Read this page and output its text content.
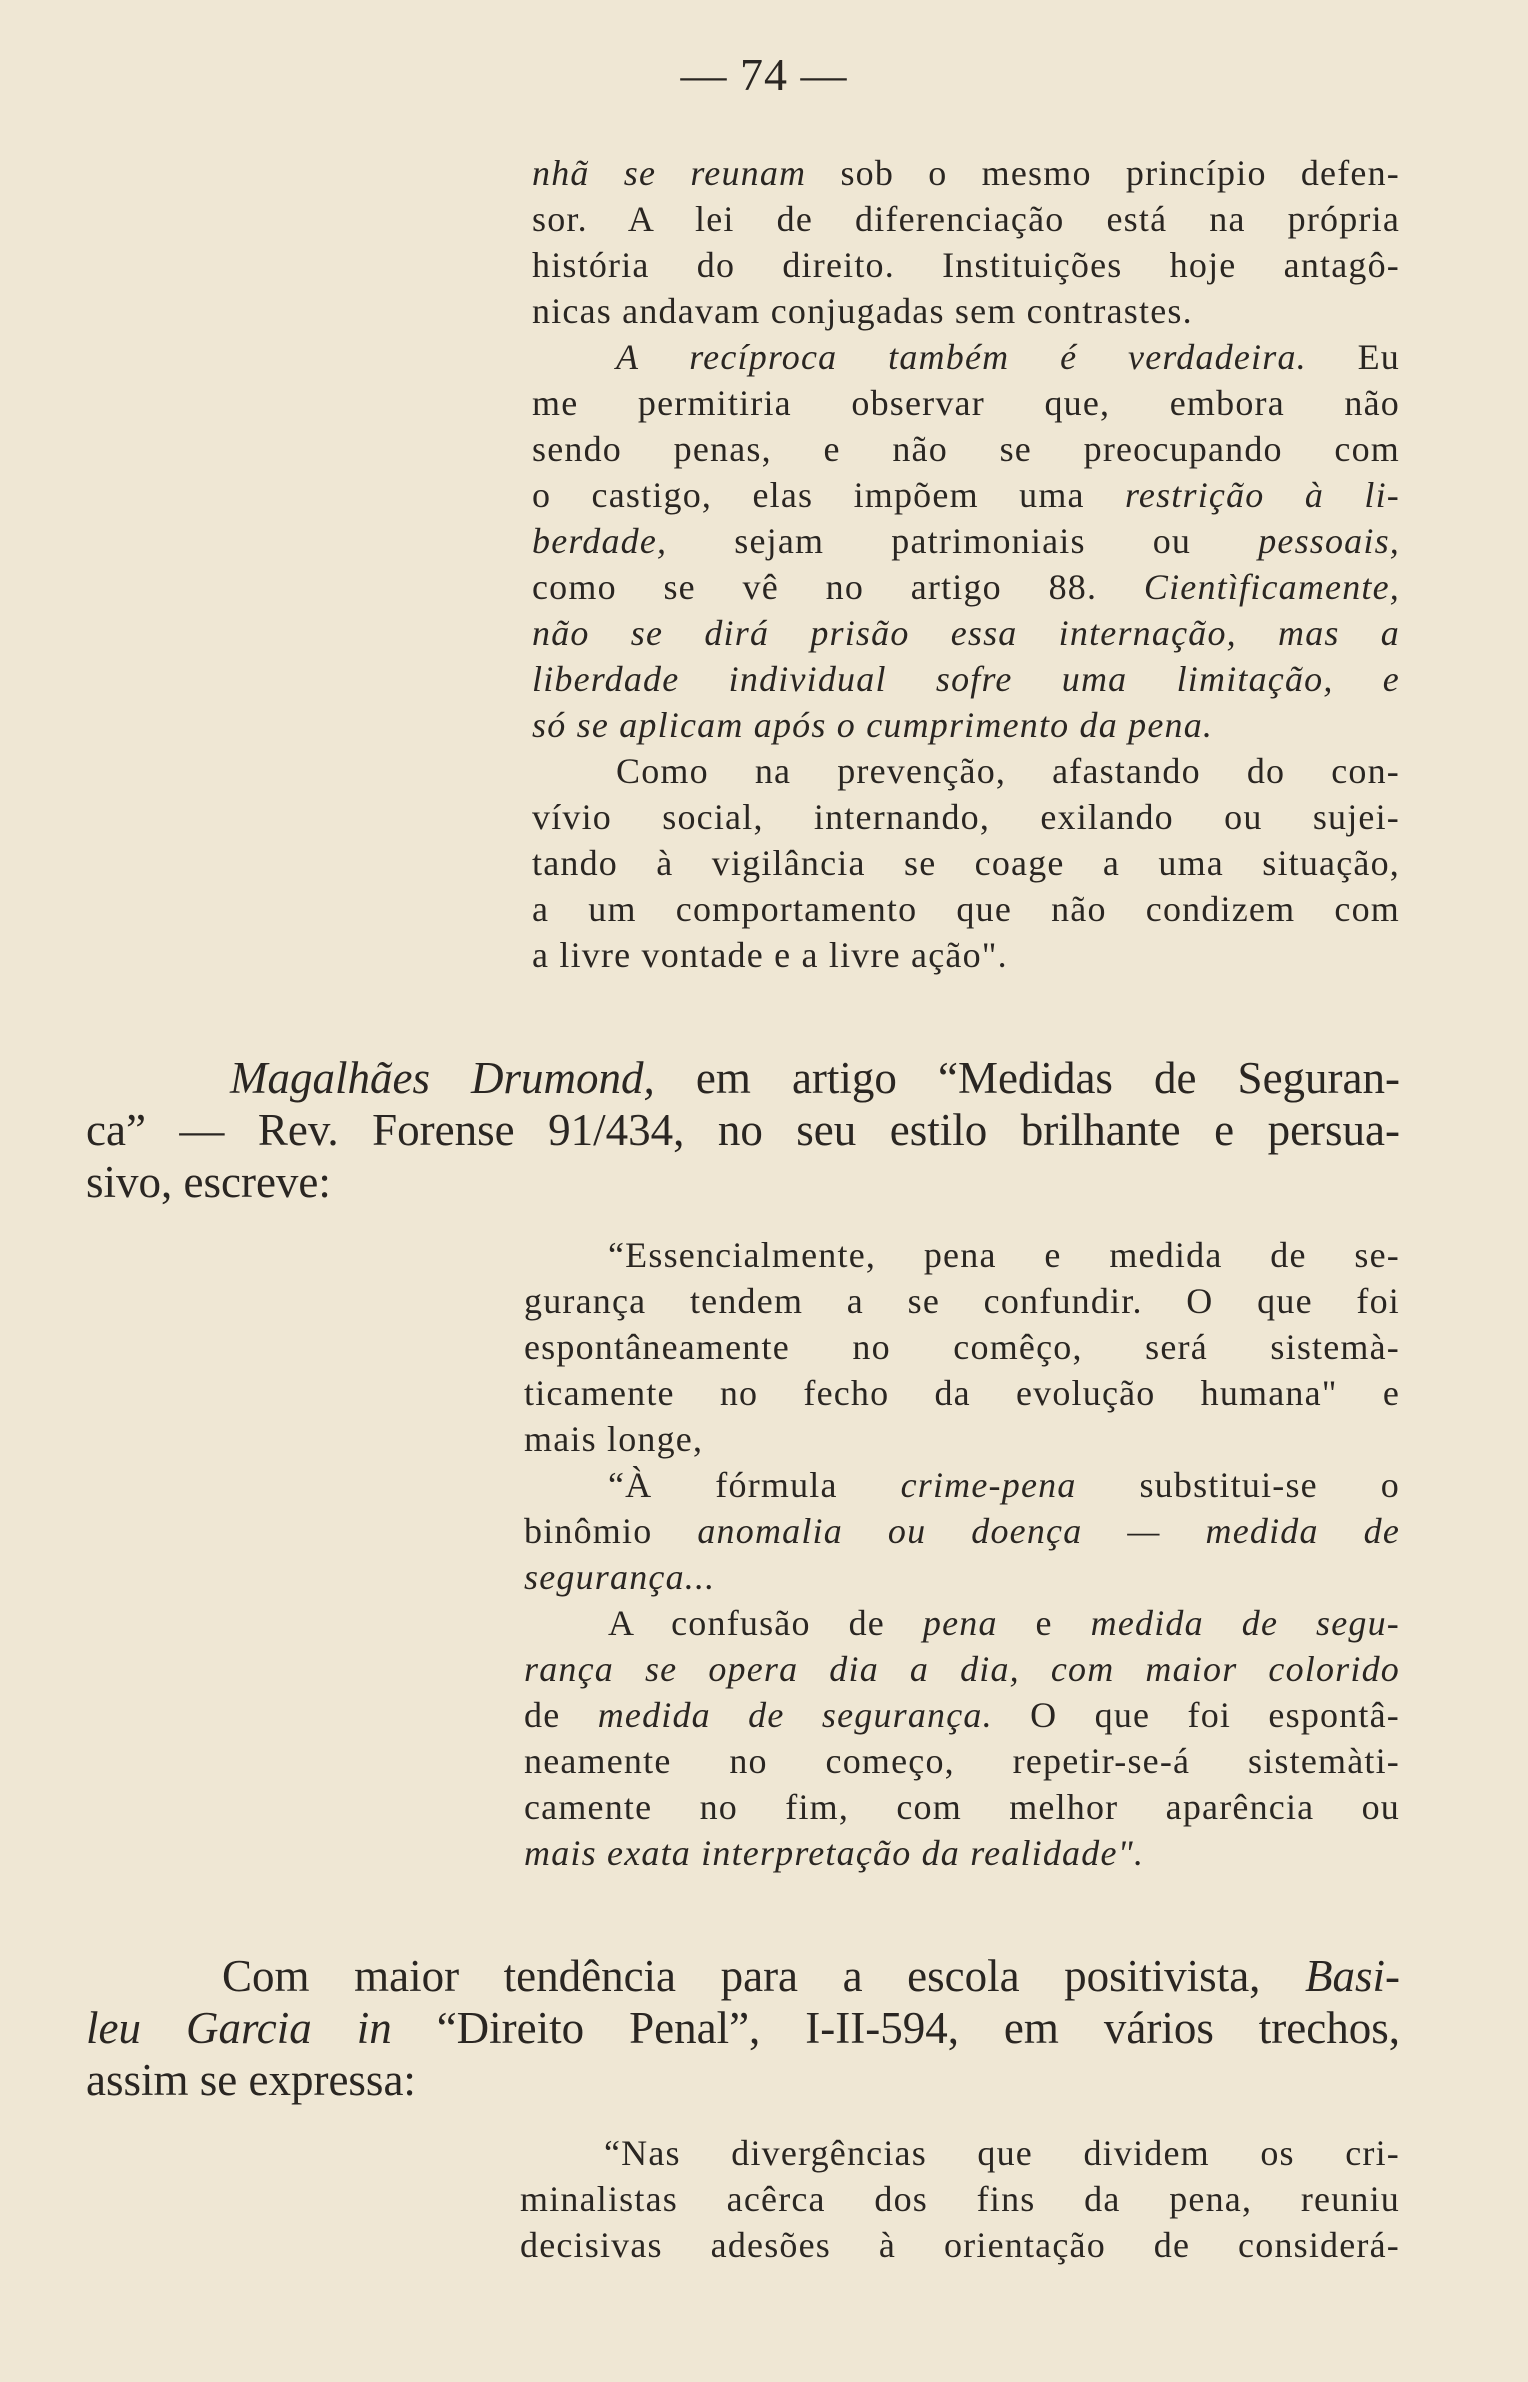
— 74 —
nhã se reunam sob o mesmo princípio defen-
sor. A lei de diferenciação está na própria
história do direito. Instituições hoje antagô-
nicas andavam conjugadas sem contrastes.
A recíproca também é verdadeira. Eu
me permitiria observar que, embora não
sendo penas, e não se preocupando com
o castigo, elas impõem uma restrição à li-
berdade, sejam patrimoniais ou pessoais,
como se vê no artigo 88. Cientìficamente,
não se dirá prisão essa internação, mas a
liberdade individual sofre uma limitação, e
só se aplicam após o cumprimento da pena.
Como na prevenção, afastando do con-
vívio social, internando, exilando ou sujei-
tando à vigilância se coage a uma situação,
a um comportamento que não condizem com
a livre vontade e a livre ação".
Magalhães Drumond, em artigo “Medidas de Seguran-
ca” — Rev. Forense 91/434, no seu estilo brilhante e persua-
sivo, escreve:
“Essencialmente, pena e medida de se-
gurança tendem a se confundir. O que foi
espontâneamente no comêço, será sistemà-
ticamente no fecho da evolução humana" e
mais longe,
“À fórmula crime-pena substitui-se o
binômio anomalia ou doença — medida de
segurança...
A confusão de pena e medida de segu-
rança se opera dia a dia, com maior colorido
de medida de segurança. O que foi espontâ-
neamente no começo, repetir-se-á sistemàti-
camente no fim, com melhor aparência ou
mais exata interpretação da realidade".
Com maior tendência para a escola positivista, Basi-
leu Garcia in “Direito Penal”, I-II-594, em vários trechos,
assim se expressa:
“Nas divergências que dividem os cri-
minalistas acêrca dos fins da pena, reuniu
decisivas adesões à orientação de considerá-
